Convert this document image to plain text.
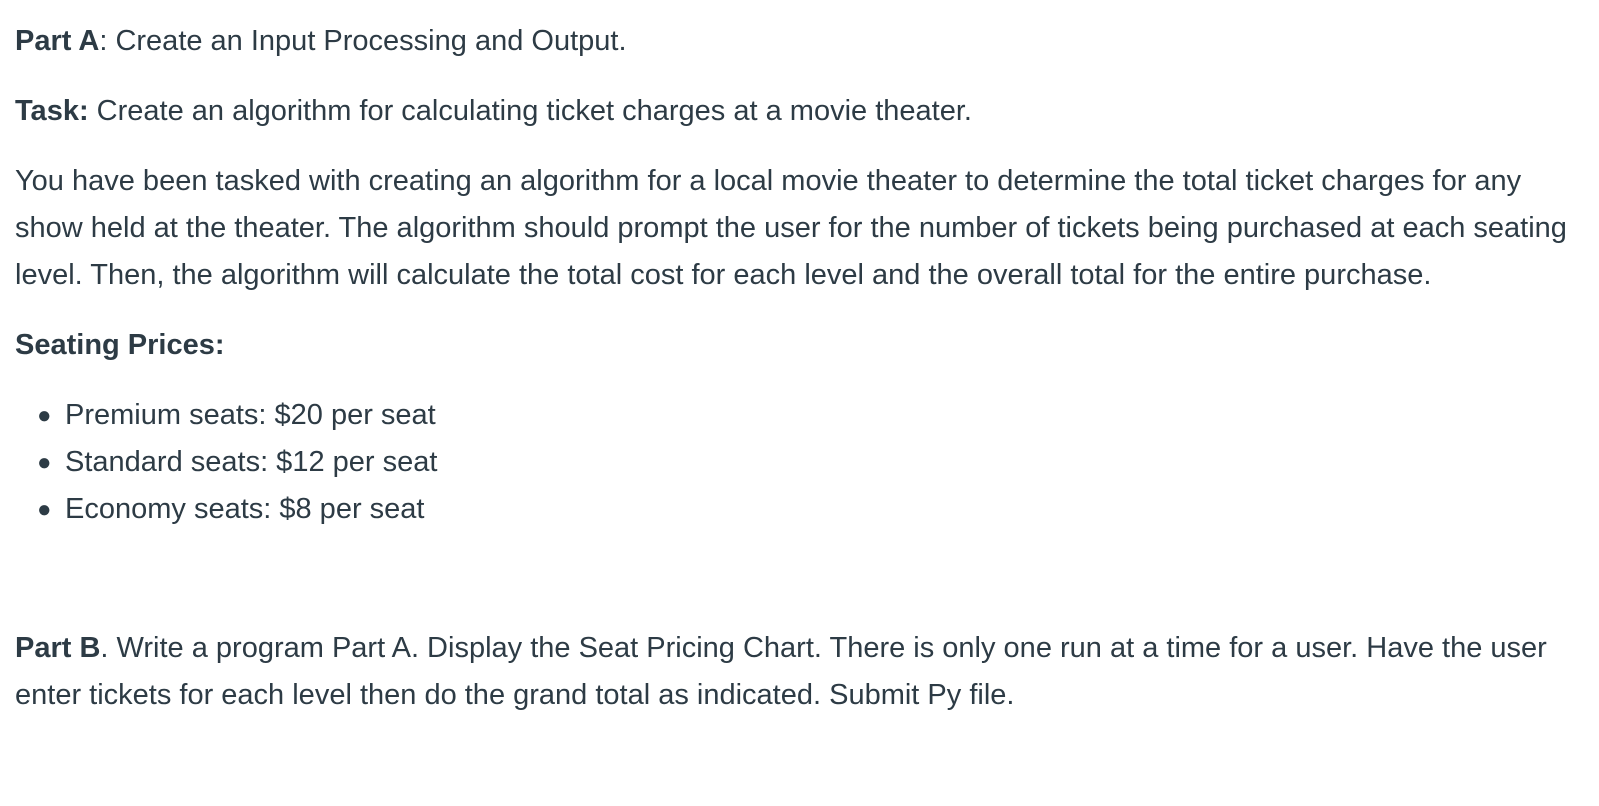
Part A: Create an Input Processing and Output.

Task: Create an algorithm for calculating ticket charges at a movie theater.

You have been tasked with creating an algorithm for a local movie theater to determine the total ticket charges for any show held at the theater. The algorithm should prompt the user for the number of tickets being purchased at each seating level. Then, the algorithm will calculate the total cost for each level and the overall total for the entire purchase.

Seating Prices:

● Premium seats: $20 per seat
● Standard seats: $12 per seat
● Economy seats: $8 per seat

Part B. Write a program Part A. Display the Seat Pricing Chart. There is only one run at a time for a user. Have the user enter tickets for each level then do the grand total as indicated. Submit Py file.
